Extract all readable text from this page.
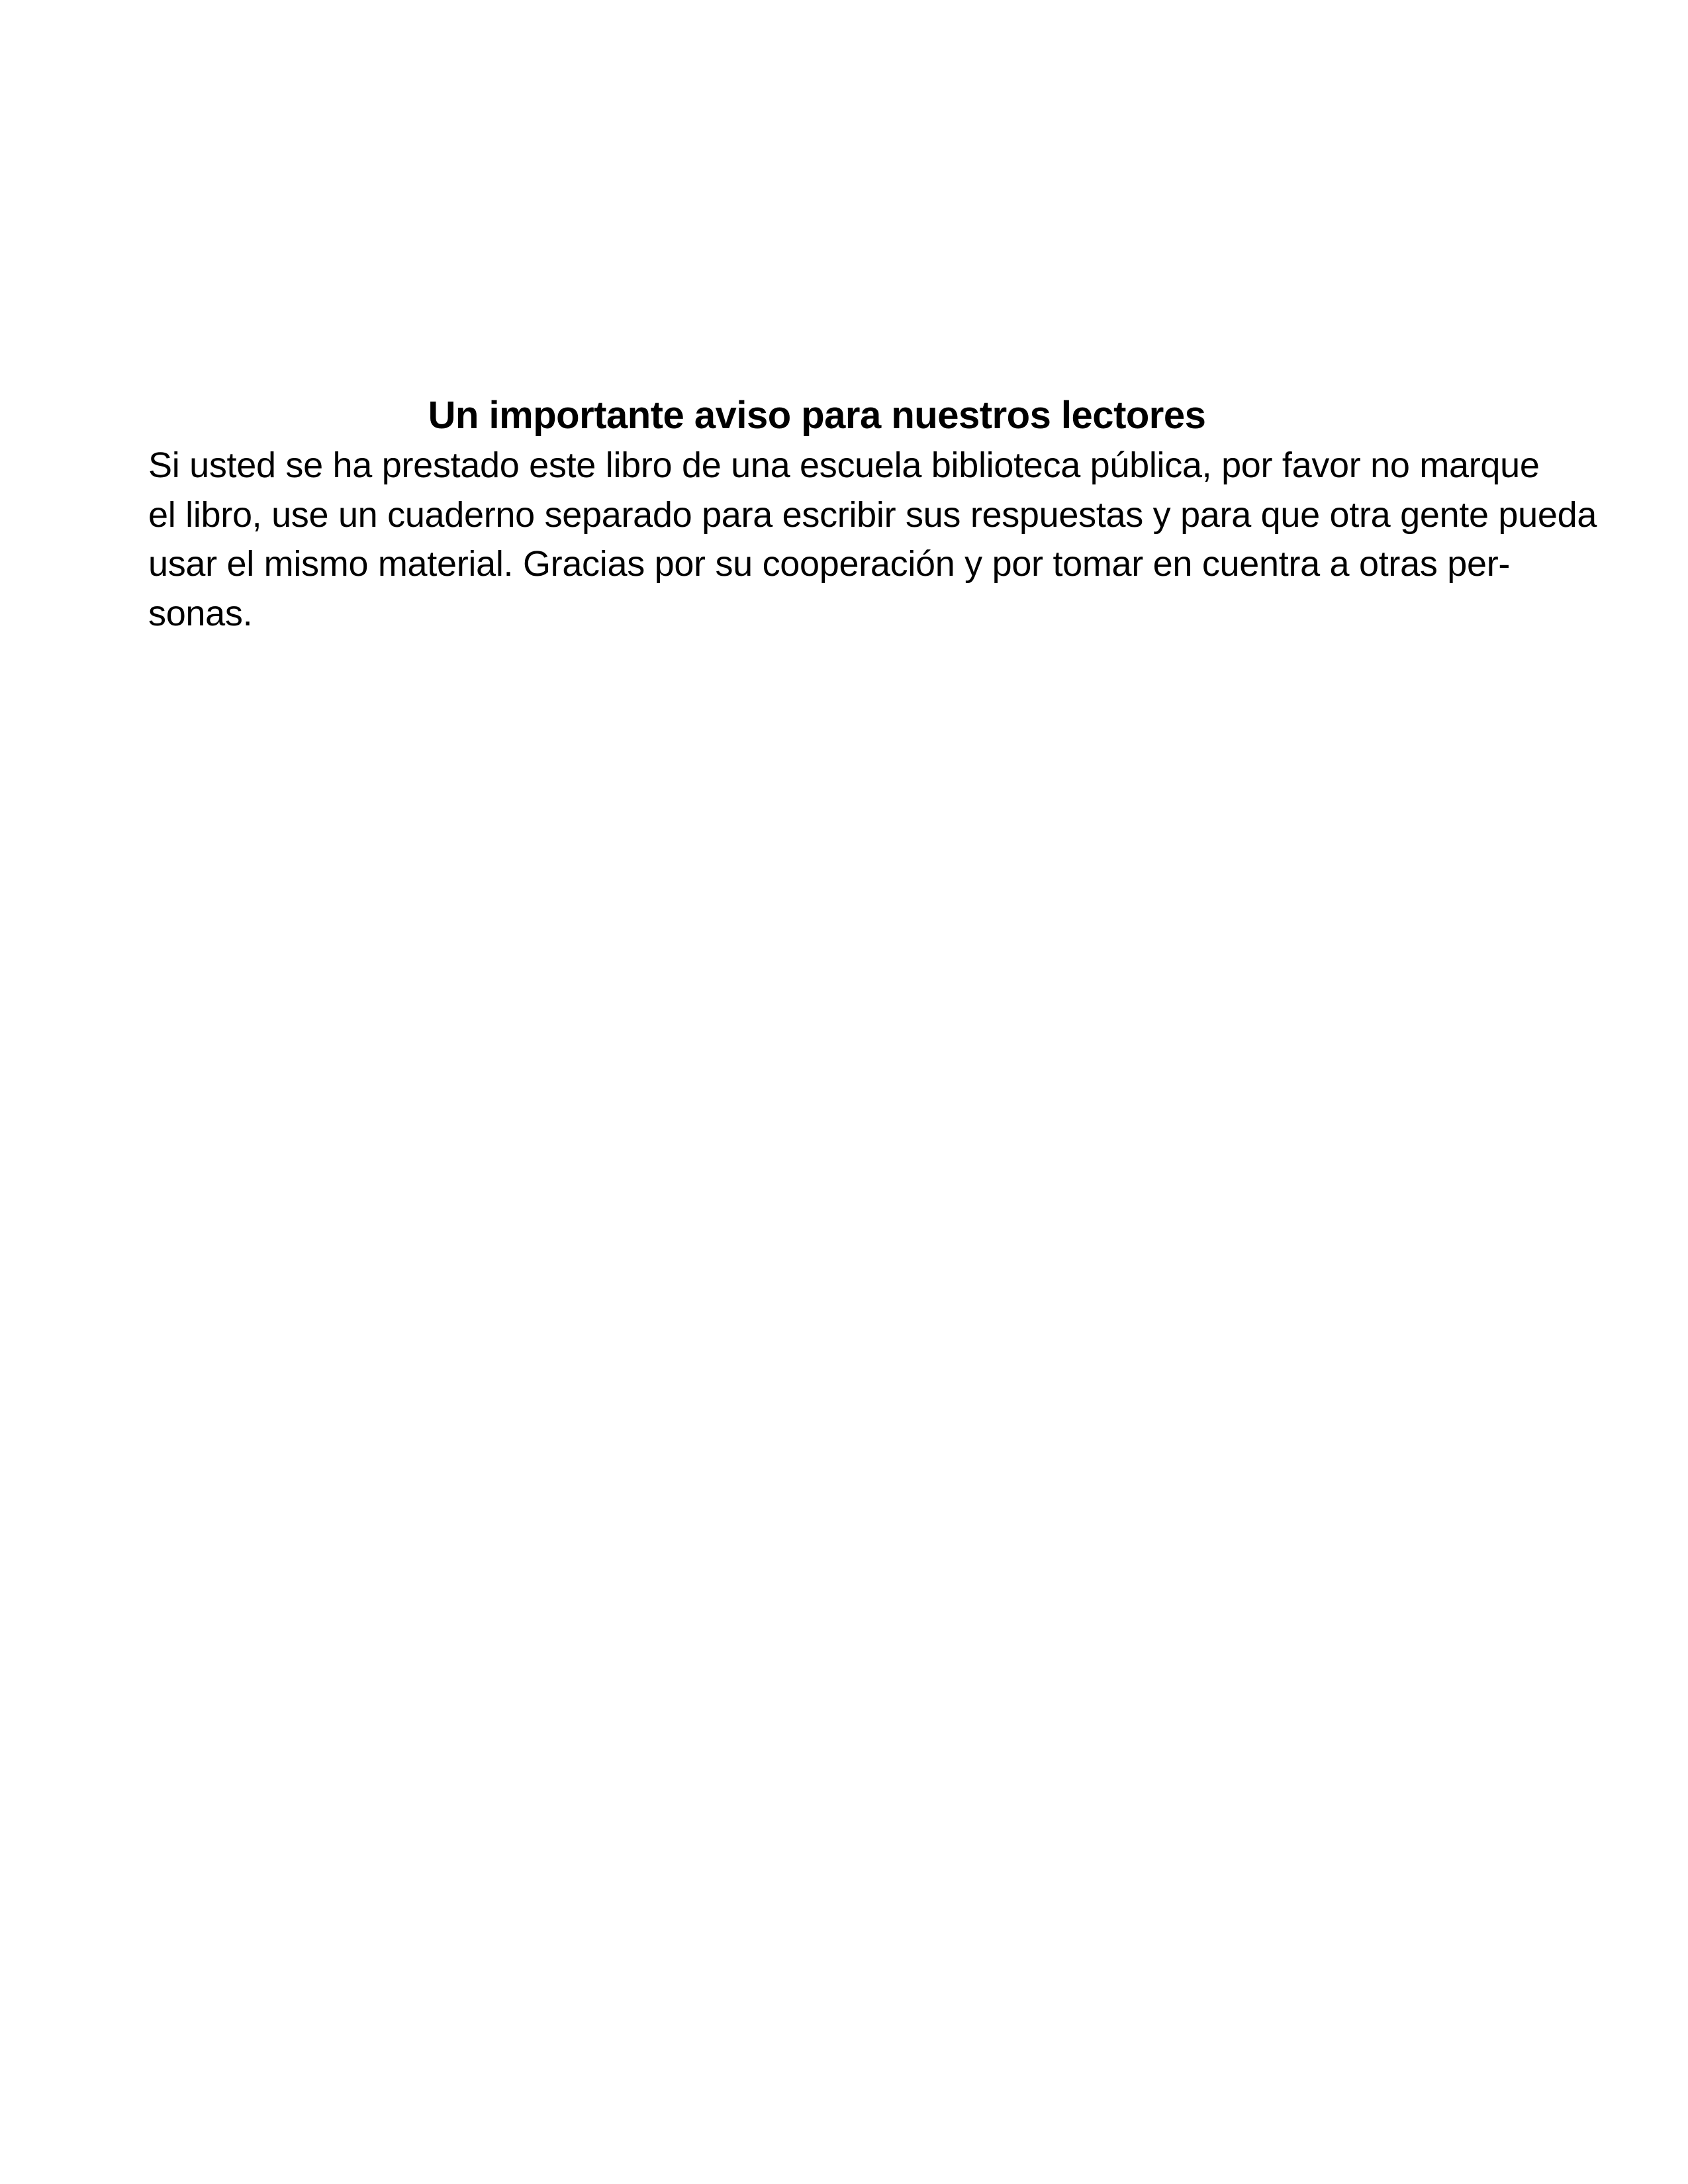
Un importante aviso para nuestros lectores

Si usted se ha prestado este libro de una escuela biblioteca pública, por favor no marque
el libro, use un cuaderno separado para escribir sus respuestas y para que otra gente pueda
usar el mismo material. Gracias por su cooperación y por tomar en cuentra a otras per-
sonas.
